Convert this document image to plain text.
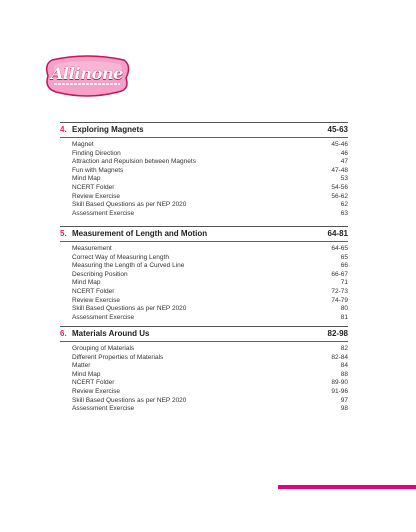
Allinone
4. Exploring Magnets	45-63
Magnet	45-46
Finding Direction	46
Attraction and Repulsion between Magnets	47
Fun with Magnets	47-48
Mind Map	53
NCERT Folder	54-56
Review Exercise	56-62
Skill Based Questions as per NEP 2020	62
Assessment Exercise	63
5. Measurement of Length and Motion	64-81
Measurement	64-65
Correct Way of Measuring Length	65
Measuring the Length of a Curved Line	66
Describing Position	66-67
Mind Map	71
NCERT Folder	72-73
Review Exercise	74-79
Skill Based Questions as per NEP 2020	80
Assessment Exercise	81
6. Materials Around Us	82-98
Grouping of Materials	82
Different Properties of Materials	82-84
Matter	84
Mind Map	88
NCERT Folder	89-90
Review Exercise	91-96
Skill Based Questions as per NEP 2020	97
Assessment Exercise	98
